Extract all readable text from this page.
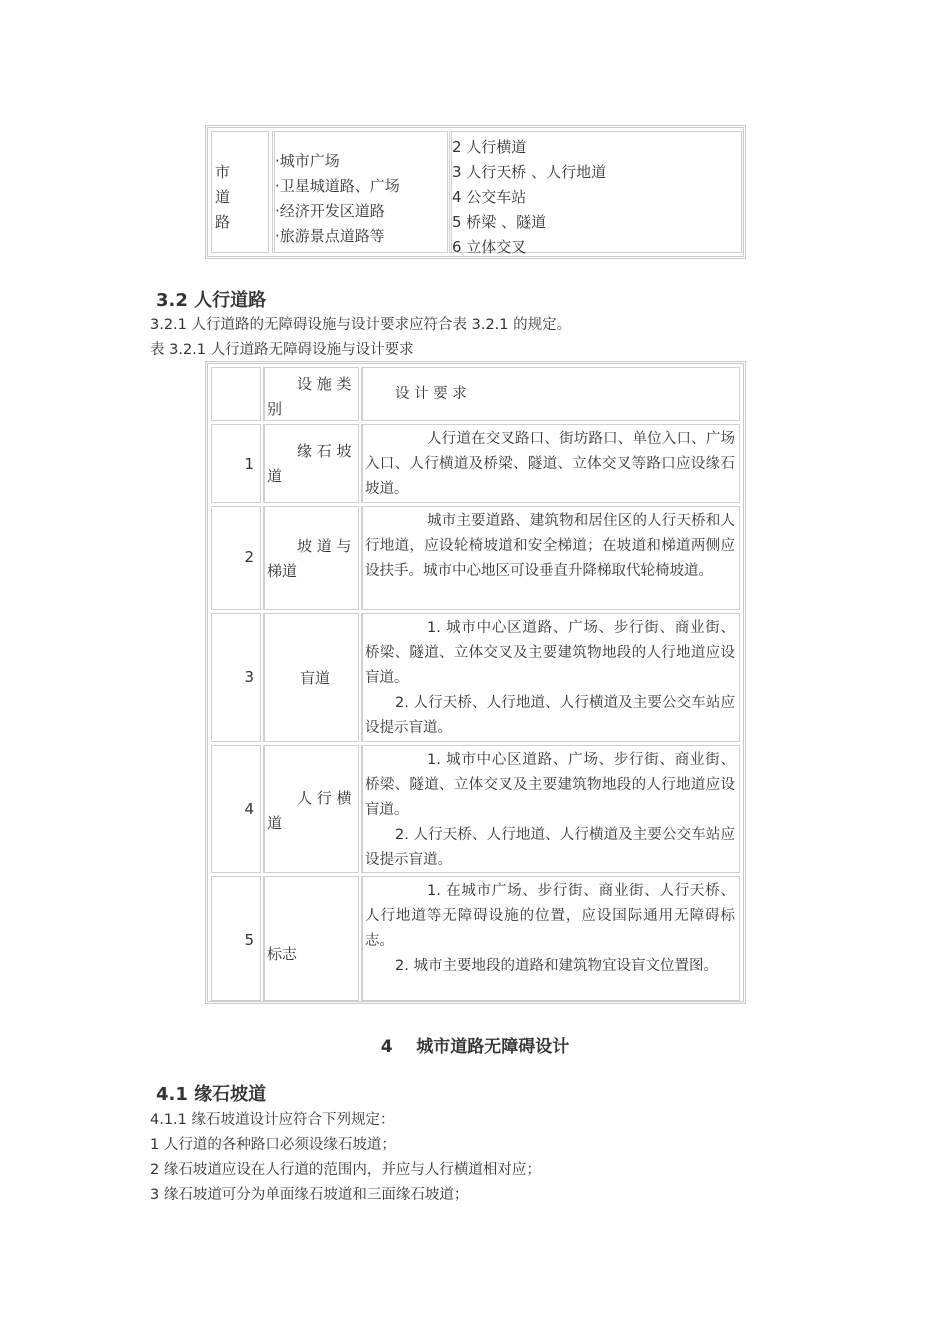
市
道
路
·城市广场
·卫星城道路、广场
·经济开发区道路
·旅游景点道路等
2 人行横道
3 人行天桥 、人行地道
4 公交车站
5 桥梁 、隧道
6 立体交叉
3.2 人行道路
3.2.1 人行道路的无障碍设施与设计要求应符合表 3.2.1 的规定。
表 3.2.1 人行道路无障碍设施与设计要求
设 施 类
别
设 计 要 求
1
缘 石 坡
道
人行道在交叉路口、街坊路口、单位入口、广场入口、人行横道及桥梁、隧道、立体交叉等路口应设缘石坡道。
2
坡 道 与
梯道
城市主要道路、建筑物和居住区的人行天桥和人行地道，应设轮椅坡道和安全梯道；在坡道和梯道两侧应设扶手。城市中心地区可设垂直升降梯取代轮椅坡道。
3	盲道
1. 城市中心区道路、广场、步行街、商业街、桥梁、隧道、立体交叉及主要建筑物地段的人行地道应设盲道。
2. 人行天桥、人行地道、人行横道及主要公交车站应设提示盲道。
4
人 行 横
道
1. 城市中心区道路、广场、步行街、商业街、桥梁、隧道、立体交叉及主要建筑物地段的人行地道应设盲道。
2. 人行天桥、人行地道、人行横道及主要公交车站应设提示盲道。
5
标志
1. 在城市广场、步行街、商业街、人行天桥、人行地道等无障碍设施的位置，应设国际通用无障碍标志。
2. 城市主要地段的道路和建筑物宜设盲文位置图。
4    城市道路无障碍设计
4.1 缘石坡道
4.1.1 缘石坡道设计应符合下列规定：
1 人行道的各种路口必须设缘石坡道；
2 缘石坡道应设在人行道的范围内，并应与人行横道相对应；
3 缘石坡道可分为单面缘石坡道和三面缘石坡道；
